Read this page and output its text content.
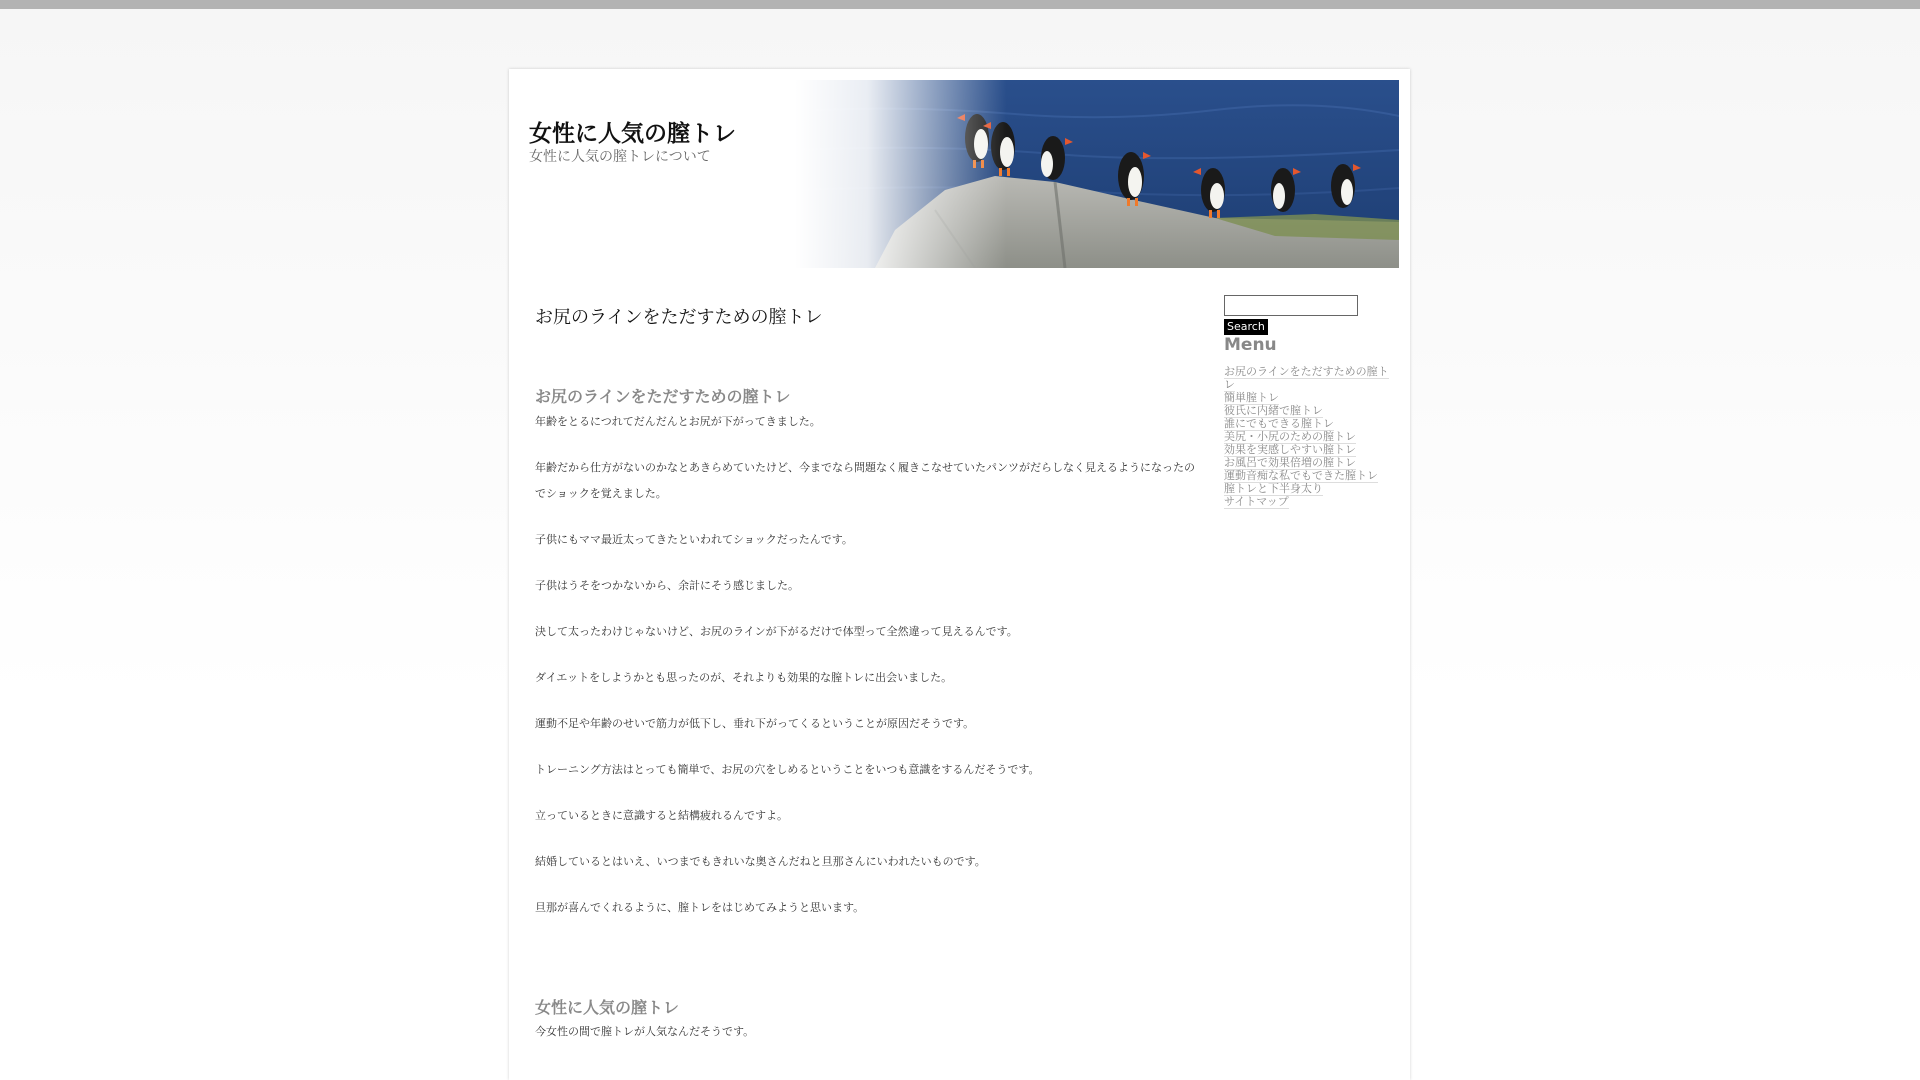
女性に人気の膣トレ
女性に人気の膣トレについて
お尻のラインをただすための膣トレ
お尻のラインをただすための膣トレ

年齢をとるにつれてだんだんとお尻が下がってきました。

年齢だから仕方がないのかなとあきらめていたけど、今までなら問題なく履きこなせていたパンツがだらしなく見えるようになったのでショックを覚えました。

子供にもママ最近太ってきたといわれてショックだったんです。

子供はうそをつかないから、余計にそう感じました。

決して太ったわけじゃないけど、お尻のラインが下がるだけで体型って全然違って見えるんです。

ダイエットをしようかとも思ったのが、それよりも効果的な膣トレに出会いました。

運動不足や年齢のせいで筋力が低下し、垂れ下がってくるということが原因だそうです。

トレーニング方法はとっても簡単で、お尻の穴をしめるということをいつも意識をするんだそうです。

立っているときに意識すると結構疲れるんですよ。

結婚しているとはいえ、いつまでもきれいな奥さんだねと旦那さんにいわれたいものです。

旦那が喜んでくれるように、膣トレをはじめてみようと思います。

女性に人気の膣トレ

今女性の間で膣トレが人気なんだそうです。

Search
Menu
お尻のラインをただすための膣トレ
簡単膣トレ
彼氏に内緒で膣トレ
誰にでもできる膣トレ
美尻・小尻のための膣トレ
効果を実感しやすい膣トレ
お風呂で効果倍増の膣トレ
運動音痴な私でもできた膣トレ
膣トレと下半身太り
サイトマップ
